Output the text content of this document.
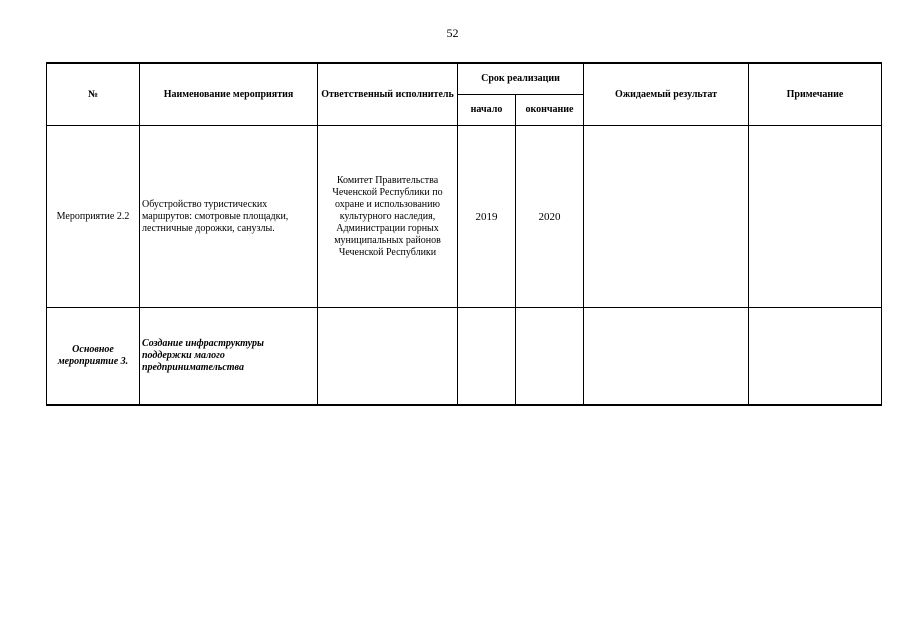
52
№	Наименование мероприятия	Ответственный исполнитель	Срок реализации		Ожидаемый результат	Примечание
			начало	окончание		
Мероприятие 2.2	Обустройство туристических маршрутов: смотровые площадки, лестничные дорожки, санузлы.	Комитет Правительства Чеченской Республики по охране и использованию культурного наследия, Администрации горных муниципальных районов Чеченской Республики	2019	2020		
Основное мероприятие 3.	Создание инфраструктуры поддержки малого предпринимательства					
